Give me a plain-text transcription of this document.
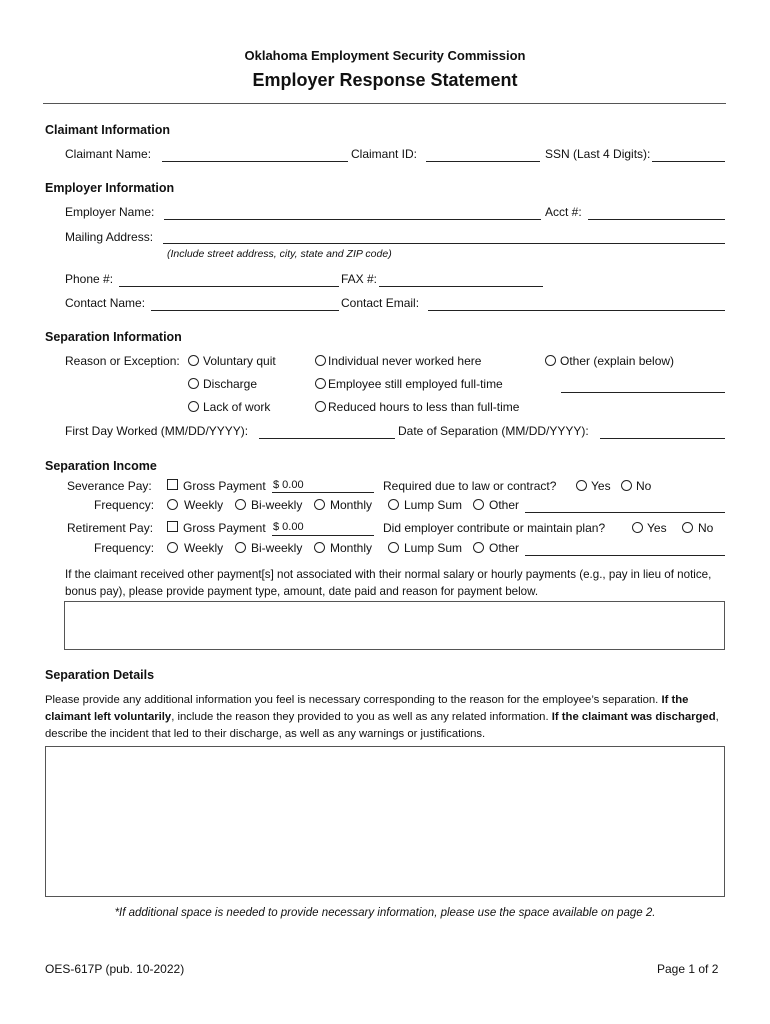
Oklahoma Employment Security Commission
Employer Response Statement
Claimant Information
Claimant Name:	Claimant ID:	SSN (Last 4 Digits):
Employer Information
Employer Name:	Acct #:
Mailing Address:
(Include street address, city, state and ZIP code)
Phone #:	FAX #:
Contact Name:	Contact Email:
Separation Information
Reason or Exception: Voluntary quit	Individual never worked here	Other (explain below)
Discharge	Employee still employed full-time
Lack of work	Reduced hours to less than full-time
First Day Worked (MM/DD/YYYY):	Date of Separation (MM/DD/YYYY):
Separation Income
Severance Pay:	Gross Payment $ 0.00	Required due to law or contract?	Yes No
Frequency: Weekly Bi-weekly Monthly	Lump Sum Other
Retirement Pay: Gross Payment $ 0.00	Did employer contribute or maintain plan?	Yes	No
Frequency: Weekly Bi-weekly Monthly	Lump Sum Other
If the claimant received other payment[s] not associated with their normal salary or hourly payments (e.g., pay in lieu of notice, bonus pay), please provide payment type, amount, date paid and reason for payment below.
Separation Details
Please provide any additional information you feel is necessary corresponding to the reason for the employee’s separation. If the claimant left voluntarily, include the reason they provided to you as well as any related information. If the claimant was discharged, describe the incident that led to their discharge, as well as any warnings or justifications.
*If additional space is needed to provide necessary information, please use the space available on page 2.
OES-617P (pub. 10-2022)	Page 1 of 2
